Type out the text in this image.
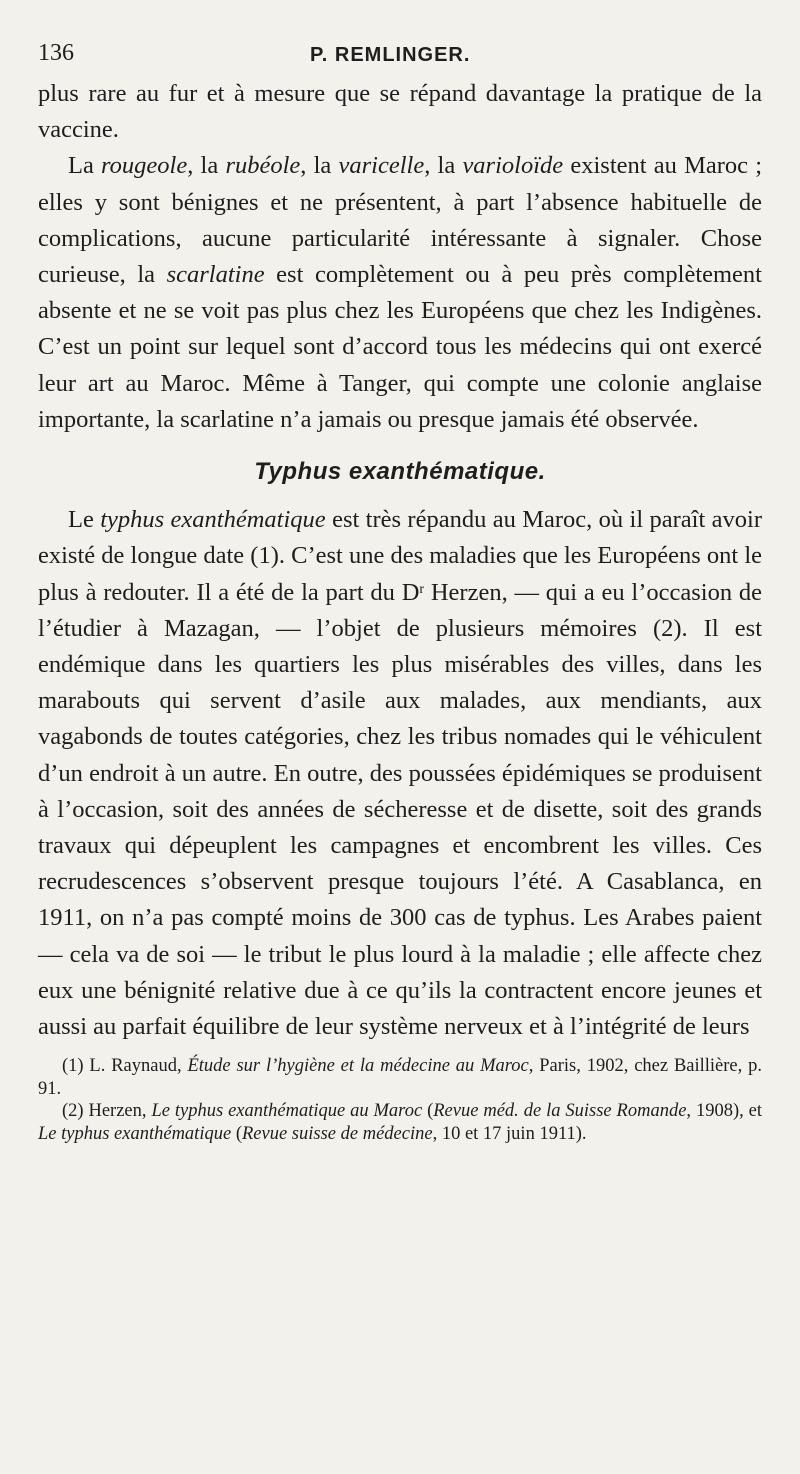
136	P. REMLINGER.

plus rare au fur et à mesure que se répand davantage la pratique de la vaccine.

La rougeole, la rubéole, la varicelle, la varioloïde existent au Maroc ; elles y sont bénignes et ne présentent, à part l’absence habituelle de complications, aucune particularité intéressante à signaler. Chose curieuse, la scarlatine est complètement ou à peu près complètement absente et ne se voit pas plus chez les Européens que chez les Indigènes. C’est un point sur lequel sont d’accord tous les médecins qui ont exercé leur art au Maroc. Même à Tanger, qui compte une colonie anglaise importante, la scarlatine n’a jamais ou presque jamais été observée.

Typhus exanthématique.

Le typhus exanthématique est très répandu au Maroc, où il paraît avoir existé de longue date (1). C’est une des maladies que les Européens ont le plus à redouter. Il a été de la part du $D^r$ Herzen, — qui a eu l’occasion de l’étudier à Mazagan, — l’objet de plusieurs mémoires (2). Il est endémique dans les quartiers les plus misérables des villes, dans les marabouts qui servent d’asile aux malades, aux mendiants, aux vagabonds de toutes catégories, chez les tribus nomades qui le véhiculent d’un endroit à un autre. En outre, des poussées épidémiques se produisent à l’occasion, soit des années de sécheresse et de disette, soit des grands travaux qui dépeuplent les campagnes et encombrent les villes. Ces recrudescences s’observent presque toujours l’été. A Casablanca, en 1911, on n’a pas compté moins de 300 cas de typhus. Les Arabes paient — cela va de soi — le tribut le plus lourd à la maladie ; elle affecte chez eux une bénignité relative due à ce qu’ils la contractent encore jeunes et aussi au parfait équilibre de leur système nerveux et à l’intégrité de leurs

(1) L. Raynaud, Étude sur l’hygiène et la médecine au Maroc, Paris, 1902, chez Baillière, p. 91.

(2) Herzen, Le typhus exanthématique au Maroc (Revue méd. de la Suisse Romande, 1908), et Le typhus exanthématique (Revue suisse de médecine, 10 et 17 juin 1911).
